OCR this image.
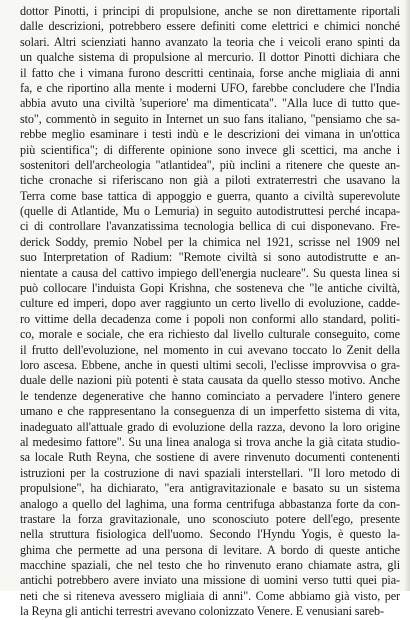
dottor Pinotti, i principi di propulsione, anche se non direttamente riportali
dalle descrizioni, potrebbero essere definiti come elettrici e chimici nonché
solari. Altri scienziati hanno avanzato la teoria che i veicoli erano spinti da
un qualche sistema di propulsione al mercurio. Il dottor Pinotti dichiara che
il fatto che i vimana furono descritti centinaia, forse anche migliaia di anni
fa, e che riportino alla mente i moderni UFO, farebbe concludere che l'India
abbia avuto una civiltà 'superiore' ma dimenticata". "Alla luce di tutto que-
sto", commentò in seguito in Internet un suo fans italiano, "pensiamo che sa-
rebbe meglio esaminare i testi indù e le descrizioni dei vimana in un'ottica
più scientifica"; di differente opinione sono invece gli scettici, ma anche i
sostenitori dell'archeologia "atlantidea", più inclini a ritenere che queste an-
tiche cronache si riferiscano non già a piloti extraterrestri che usavano la
Terra come base tattica di appoggio e guerra, quanto a civiltà superevolute
(quelle di Atlantide, Mu o Lemuria) in seguito autodistruttesi perché incapa-
ci di controllare l'avanzatissima tecnologia bellica di cui disponevano. Fre-
derick Soddy, premio Nobel per la chimica nel 1921, scrisse nel 1909 nel
suo Interpretation of Radium: "Remote civiltà si sono autodistrutte e an-
nientate a causa del cattivo impiego dell'energia nucleare". Su questa linea si
può collocare l'induista Gopi Krishna, che sosteneva che "le antiche civiltà,
culture ed imperi, dopo aver raggiunto un certo livello di evoluzione, cadde-
ro vittime della decadenza come i popoli non conformi allo standard, politi-
co, morale e sociale, che era richiesto dal livello culturale conseguito, come
il frutto dell'evoluzione, nel momento in cui avevano toccato lo Zenit della
loro ascesa. Ebbene, anche in questi ultimi secoli, l'eclisse improvvisa o gra-
duale delle nazioni più potenti è stata causata da quello stesso motivo. Anche
le tendenze degenerative che hanno cominciato a pervadere l'intero genere
umano e che rappresentano la conseguenza di un imperfetto sistema di vita,
inadeguato all'attuale grado di evoluzione della razza, devono la loro origine
al medesimo fattore". Su una linea analoga si trova anche la già citata studio-
sa locale Ruth Reyna, che sostiene di avere rinvenuto documenti contenenti
istruzioni per la costruzione di navi spaziali interstellari. "Il loro metodo di
propulsione", ha dichiarato, "era antigravitazionale e basato su un sistema
analogo a quello del laghima, una forma centrifuga abbastanza forte da con-
trastare la forza gravitazionale, uno sconosciuto potere dell'ego, presente
nella struttura fisiologica dell'uomo. Secondo l'Hyndu Yogis, è questo la-
ghima che permette ad una persona di levitare. A bordo di queste antiche
macchine spaziali, che nel testo che ho rinvenuto erano chiamate astra, gli
antichi potrebbero avere inviato una missione di uomini verso tutti quei pia-
neti che si riteneva avessero migliaia di anni". Come abbiamo già visto, per
la Reyna gli antichi terrestri avevano colonizzato Venere. E venusiani sareb-
